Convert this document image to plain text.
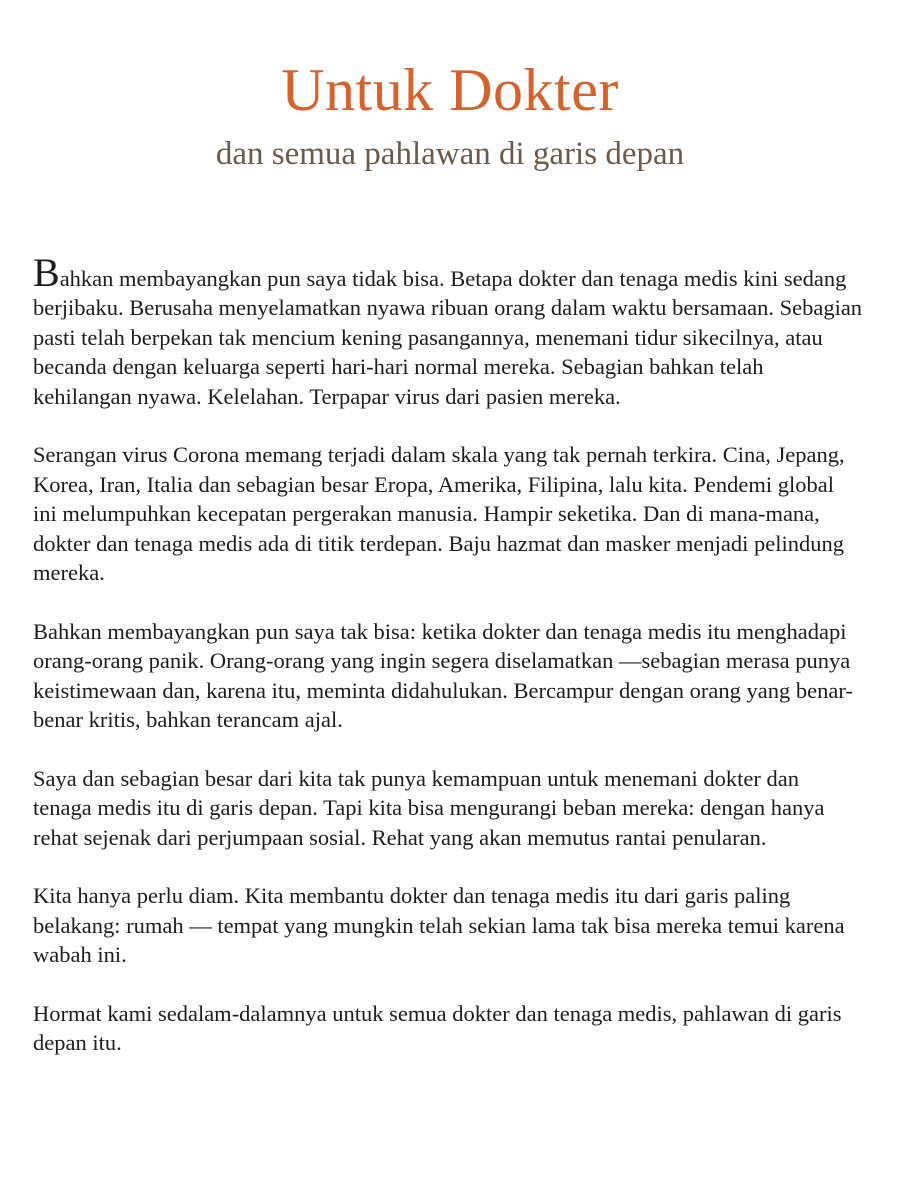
Untuk Dokter
dan semua pahlawan di garis depan

Bahkan membayangkan pun saya tidak bisa. Betapa dokter dan tenaga medis kini sedang berjibaku. Berusaha menyelamatkan nyawa ribuan orang dalam waktu bersamaan. Sebagian pasti telah berpekan tak mencium kening pasangannya, menemani tidur sikecilnya, atau becanda dengan keluarga seperti hari-hari normal mereka. Sebagian bahkan telah kehilangan nyawa. Kelelahan. Terpapar virus dari pasien mereka.

Serangan virus Corona memang terjadi dalam skala yang tak pernah terkira. Cina, Jepang, Korea, Iran, Italia dan sebagian besar Eropa, Amerika, Filipina, lalu kita. Pendemi global ini melumpuhkan kecepatan pergerakan manusia. Hampir seketika. Dan di mana-mana, dokter dan tenaga medis ada di titik terdepan. Baju hazmat dan masker menjadi pelindung mereka.

Bahkan membayangkan pun saya tak bisa: ketika dokter dan tenaga medis itu menghadapi orang-orang panik. Orang-orang yang ingin segera diselamatkan —sebagian merasa punya keistimewaan dan, karena itu, meminta didahulukan. Bercampur dengan orang yang benar-benar kritis, bahkan terancam ajal.

Saya dan sebagian besar dari kita tak punya kemampuan untuk menemani dokter dan tenaga medis itu di garis depan. Tapi kita bisa mengurangi beban mereka: dengan hanya rehat sejenak dari perjumpaan sosial. Rehat yang akan memutus rantai penularan.

Kita hanya perlu diam. Kita membantu dokter dan tenaga medis itu dari garis paling belakang: rumah — tempat yang mungkin telah sekian lama tak bisa mereka temui karena wabah ini.

Hormat kami sedalam-dalamnya untuk semua dokter dan tenaga medis, pahlawan di garis depan itu.
